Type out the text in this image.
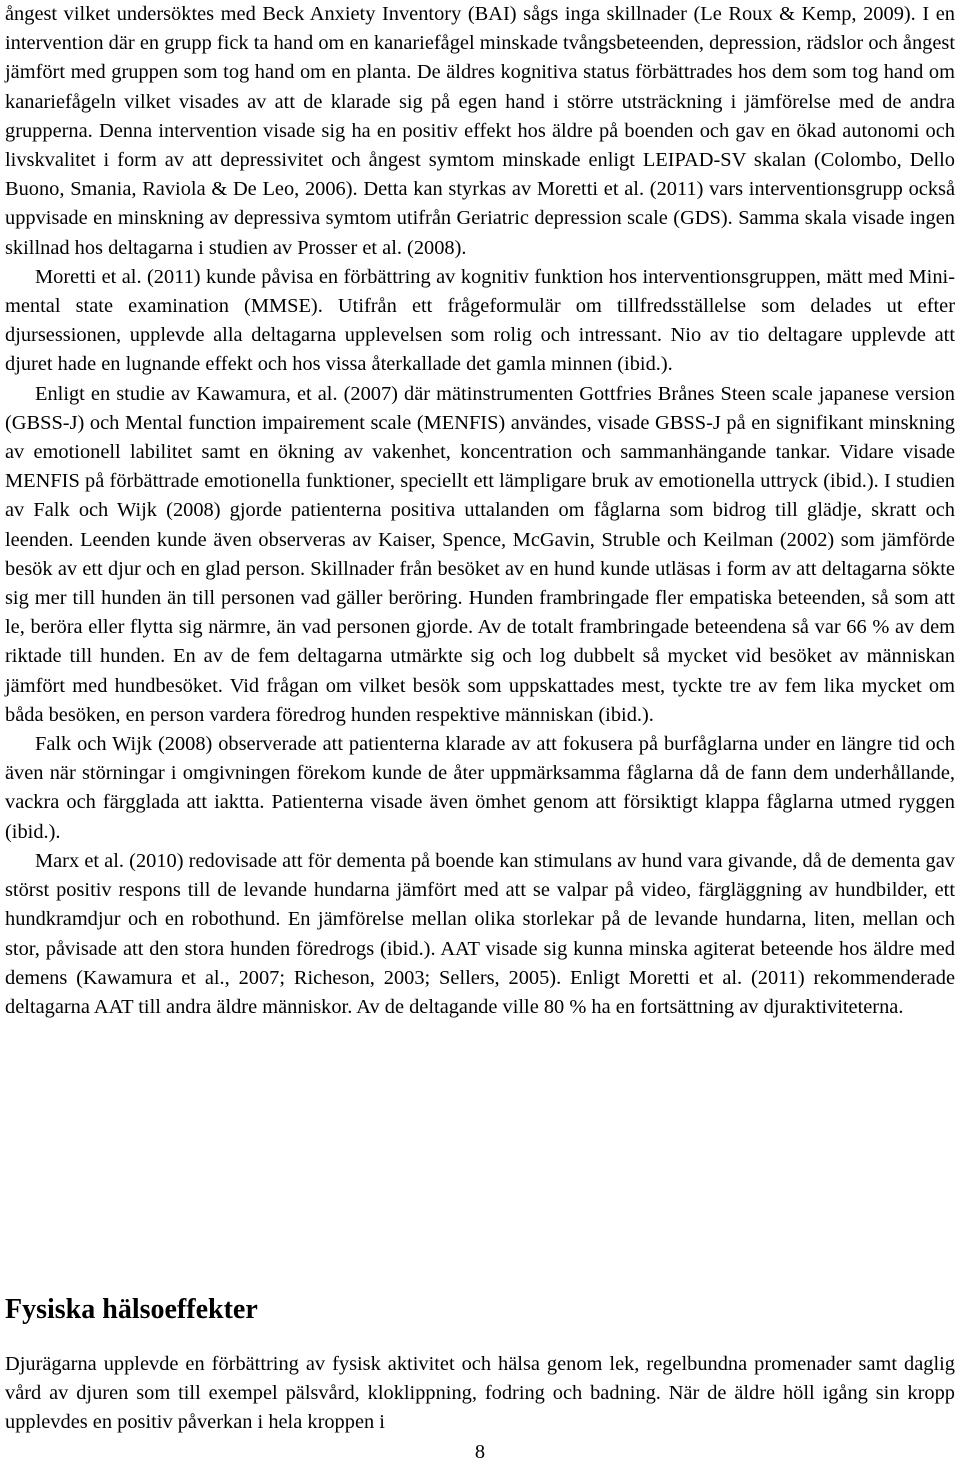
ångest vilket undersöktes med Beck Anxiety Inventory (BAI) sågs inga skillnader (Le Roux & Kemp, 2009). I en intervention där en grupp fick ta hand om en kanariefågel minskade tvångsbeteenden, depression, rädslor och ångest jämfört med gruppen som tog hand om en planta. De äldres kognitiva status förbättrades hos dem som tog hand om kanariefågeln vilket visades av att de klarade sig på egen hand i större utsträckning i jämförelse med de andra grupperna. Denna intervention visade sig ha en positiv effekt hos äldre på boenden och gav en ökad autonomi och livskvalitet i form av att depressivitet och ångest symtom minskade enligt LEIPAD-SV skalan (Colombo, Dello Buono, Smania, Raviola & De Leo, 2006). Detta kan styrkas av Moretti et al. (2011) vars interventionsgrupp också uppvisade en minskning av depressiva symtom utifrån Geriatric depression scale (GDS). Samma skala visade ingen skillnad hos deltagarna i studien av Prosser et al. (2008).

Moretti et al. (2011) kunde påvisa en förbättring av kognitiv funktion hos interventionsgruppen, mätt med Mini-mental state examination (MMSE). Utifrån ett frågeformulär om tillfredsställelse som delades ut efter djursessionen, upplevde alla deltagarna upplevelsen som rolig och intressant. Nio av tio deltagare upplevde att djuret hade en lugnande effekt och hos vissa återkallade det gamla minnen (ibid.).

Enligt en studie av Kawamura, et al. (2007) där mätinstrumenten Gottfries Brånes Steen scale japanese version (GBSS-J) och Mental function impairement scale (MENFIS) användes, visade GBSS-J på en signifikant minskning av emotionell labilitet samt en ökning av vakenhet, koncentration och sammanhängande tankar. Vidare visade MENFIS på förbättrade emotionella funktioner, speciellt ett lämpligare bruk av emotionella uttryck (ibid.). I studien av Falk och Wijk (2008) gjorde patienterna positiva uttalanden om fåglarna som bidrog till glädje, skratt och leenden. Leenden kunde även observeras av Kaiser, Spence, McGavin, Struble och Keilman (2002) som jämförde besök av ett djur och en glad person. Skillnader från besöket av en hund kunde utläsas i form av att deltagarna sökte sig mer till hunden än till personen vad gäller beröring. Hunden frambringade fler empatiska beteenden, så som att le, beröra eller flytta sig närmre, än vad personen gjorde. Av de totalt frambringade beteendena så var 66 % av dem riktade till hunden. En av de fem deltagarna utmärkte sig och log dubbelt så mycket vid besöket av människan jämfört med hundbesöket. Vid frågan om vilket besök som uppskattades mest, tyckte tre av fem lika mycket om båda besöken, en person vardera föredrog hunden respektive människan (ibid.).

Falk och Wijk (2008) observerade att patienterna klarade av att fokusera på burfåglarna under en längre tid och även när störningar i omgivningen förekom kunde de åter uppmärksamma fåglarna då de fann dem underhållande, vackra och färgglada att iaktta. Patienterna visade även ömhet genom att försiktigt klappa fåglarna utmed ryggen (ibid.).

Marx et al. (2010) redovisade att för dementa på boende kan stimulans av hund vara givande, då de dementa gav störst positiv respons till de levande hundarna jämfört med att se valpar på video, färgläggning av hundbilder, ett hundkramdjur och en robothund. En jämförelse mellan olika storlekar på de levande hundarna, liten, mellan och stor, påvisade att den stora hunden föredrogs (ibid.). AAT visade sig kunna minska agiterat beteende hos äldre med demens (Kawamura et al., 2007; Richeson, 2003; Sellers, 2005). Enligt Moretti et al. (2011) rekommenderade deltagarna AAT till andra äldre människor. Av de deltagande ville 80 % ha en fortsättning av djuraktiviteterna.

Fysiska hälsoeffekter

Djurägarna upplevde en förbättring av fysisk aktivitet och hälsa genom lek, regelbundna promenader samt daglig vård av djuren som till exempel pälsvård, kloklippning, fodring och badning. När de äldre höll igång sin kropp upplevdes en positiv påverkan i hela kroppen i

8
